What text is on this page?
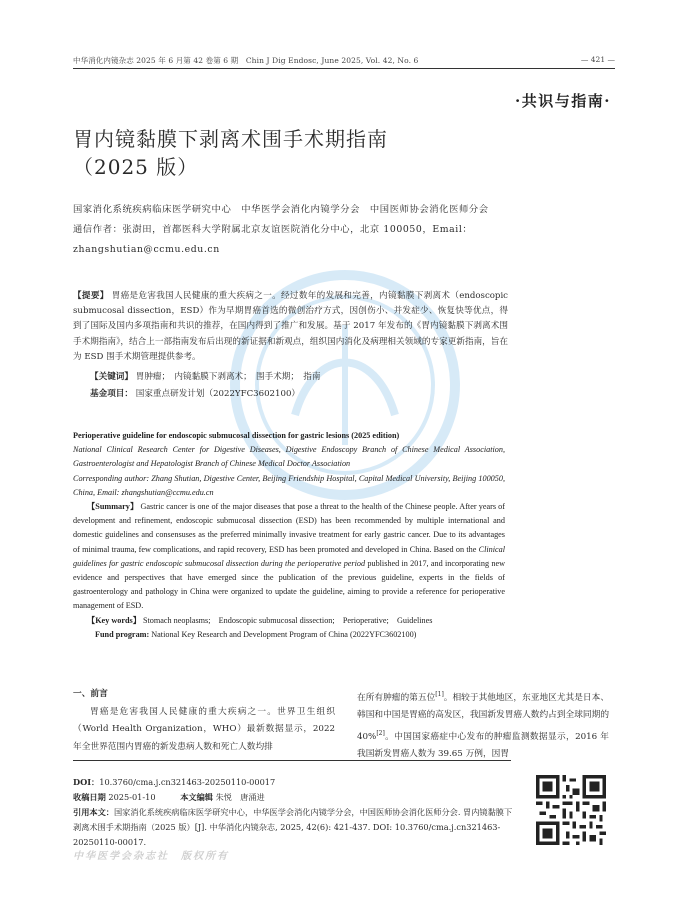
中华消化内镜杂志 2025 年 6 月第 42 卷第 6 期　Chin J Dig Endosc, June 2025, Vol. 42, No. 6	— 421 —
·共识与指南·
胃内镜黏膜下剥离术围手术期指南
（2025 版）
国家消化系统疾病临床医学研究中心　中华医学会消化内镜学分会　中国医师协会消化医师分会
通信作者：张澍田，首都医科大学附属北京友谊医院消化分中心，北京 100050，Email：zhangshutian@ccmu.edu.cn
【提要】 胃癌是危害我国人民健康的重大疾病之一。经过数年的发展和完善，内镜黏膜下剥离术（endoscopic submucosal dissection，ESD）作为早期胃癌首选的微创治疗方式，因创伤小、并发症少、恢复快等优点，得到了国际及国内多项指南和共识的推荐，在国内得到了推广和发展。基于 2017 年发布的《胃内镜黏膜下剥离术围手术期指南》，结合上一部指南发布后出现的新证据和新观点，组织国内消化及病理相关领域的专家更新指南，旨在为 ESD 围手术期管理提供参考。
【关键词】 胃肿瘤；　内镜黏膜下剥离术；　围手术期；　指南
基金项目： 国家重点研发计划（2022YFC3602100）
Perioperative guideline for endoscopic submucosal dissection for gastric lesions (2025 edition)
National Clinical Research Center for Digestive Diseases, Digestive Endoscopy Branch of Chinese Medical Association, Gastroenterologist and Hepatologist Branch of Chinese Medical Doctor Association
Corresponding author: Zhang Shutian, Digestive Center, Beijing Friendship Hospital, Capital Medical University, Beijing 100050, China, Email: zhangshutian@ccmu.edu.cn
【Summary】 Gastric cancer is one of the major diseases that pose a threat to the health of the Chinese people. After years of development and refinement, endoscopic submucosal dissection (ESD) has been recommended by multiple international and domestic guidelines and consensuses as the preferred minimally invasive treatment for early gastric cancer. Due to its advantages of minimal trauma, few complications, and rapid recovery, ESD has been promoted and developed in China. Based on the Clinical guidelines for gastric endoscopic submucosal dissection during the perioperative period published in 2017, and incorporating new evidence and perspectives that have emerged since the publication of the previous guideline, experts in the fields of gastroenterology and pathology in China were organized to update the guideline, aiming to provide a reference for perioperative management of ESD.
【Key words】 Stomach neoplasms;　Endoscopic submucosal dissection;　Perioperative;　Guidelines
Fund program: National Key Research and Development Program of China (2022YFC3602100)
一、前言
胃癌是危害我国人民健康的重大疾病之一。世界卫生组织（World Health Organization，WHO）最新数据显示，2022 年全世界范围内胃癌的新发患病人数和死亡人数均排
在所有肿瘤的第五位[1]。相较于其他地区，东亚地区尤其是日本、韩国和中国是胃癌的高发区，我国新发胃癌人数约占到全球同期的 40%[2]。中国国家癌症中心发布的肿瘤监测数据显示，2016 年我国新发胃癌人数为 39.65 万例，因胃
DOI：10.3760/cma.j.cn321463-20250110-00017
收稿日期 2025-01-10	本文编辑 朱悦　唐涌进
引用本文：国家消化系统疾病临床医学研究中心，中华医学会消化内镜学分会，中国医师协会消化医师分会. 胃内镜黏膜下剥离术围手术期指南（2025 版）[J]. 中华消化内镜杂志, 2025, 42(6): 421-437. DOI: 10.3760/cma.j.cn321463-20250110-00017.
中华医学会杂志社　版权所有
